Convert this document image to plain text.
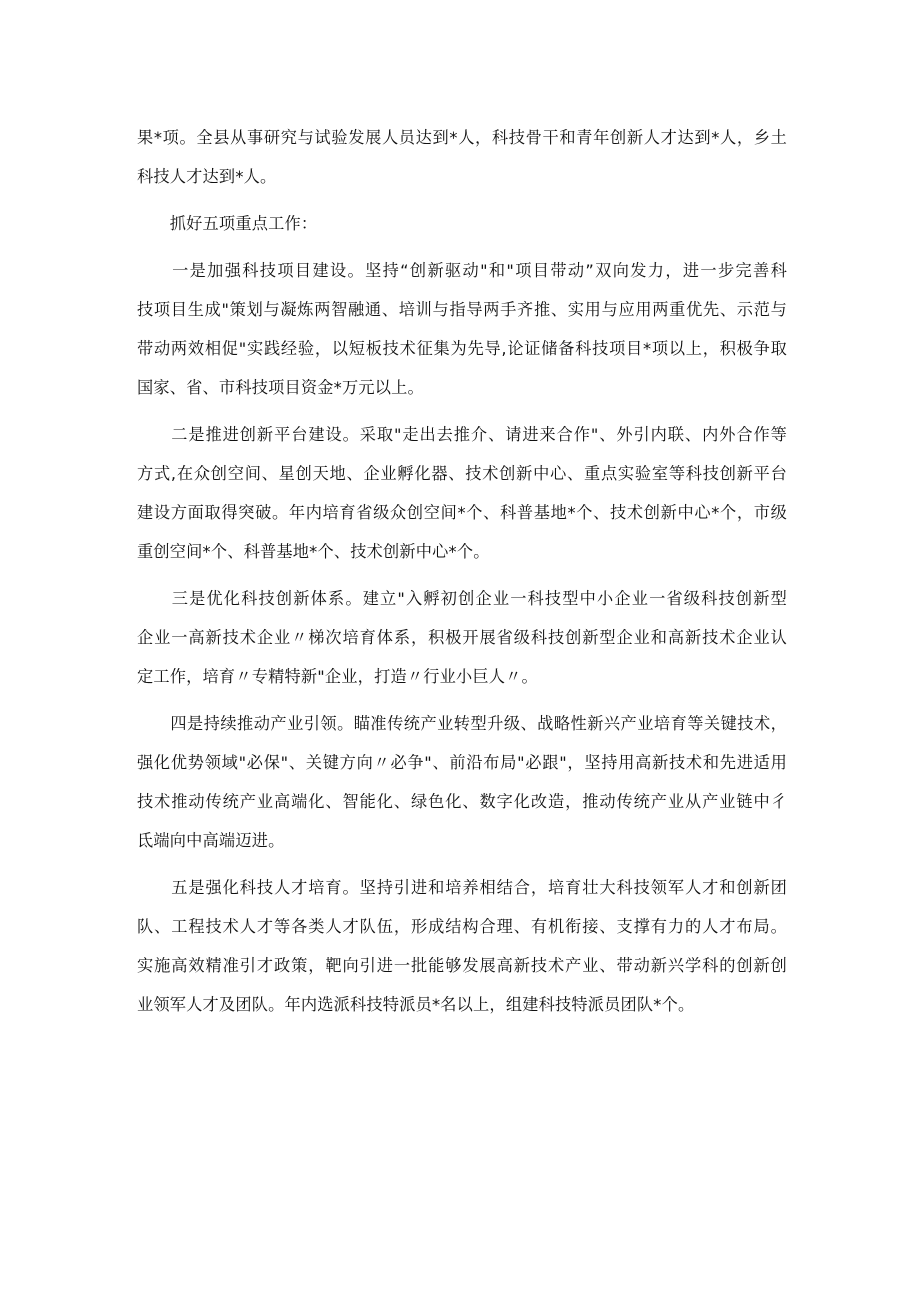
果*项。全县从事研究与试验发展人员达到*人，科技骨干和青年创新人才达到*人，乡土
科技人才达到*人。
　　抓好五项重点工作：
　　一是加强科技项目建设。坚持“创新驱动"和"项目带动”双向发力，进一步完善科
技项目生成"策划与凝炼两智融通、培训与指导两手齐推、实用与应用两重优先、示范与
带动两效相促"实践经验，以短板技术征集为先导,论证储备科技项目*项以上，积极争取
国家、省、市科技项目资金*万元以上。
　　二是推进创新平台建设。采取"走出去推介、请进来合作"、外引内联、内外合作等
方式,在众创空间、星创天地、企业孵化器、技术创新中心、重点实验室等科技创新平台
建设方面取得突破。年内培育省级众创空间*个、科普基地*个、技术创新中心*个，市级
重创空间*个、科普基地*个、技术创新中心*个。
　　三是优化科技创新体系。建立"入孵初创企业一科技型中小企业一省级科技创新型
企业一高新技术企业〃梯次培育体系，积极开展省级科技创新型企业和高新技术企业认
定工作，培育〃专精特新"企业，打造〃行业小巨人〃。
　　四是持续推动产业引领。瞄准传统产业转型升级、战略性新兴产业培育等关键技术，
强化优势领域"必保"、关键方向〃必争"、前沿布局"必跟"，坚持用高新技术和先进适用
技术推动传统产业高端化、智能化、绿色化、数字化改造，推动传统产业从产业链中彳
氐端向中高端迈进。
　　五是强化科技人才培育。坚持引进和培养相结合，培育壮大科技领军人才和创新团
队、工程技术人才等各类人才队伍，形成结构合理、有机衔接、支撑有力的人才布局。
实施高效精准引才政策，靶向引进一批能够发展高新技术产业、带动新兴学科的创新创
业领军人才及团队。年内选派科技特派员*名以上，组建科技特派员团队*个。
